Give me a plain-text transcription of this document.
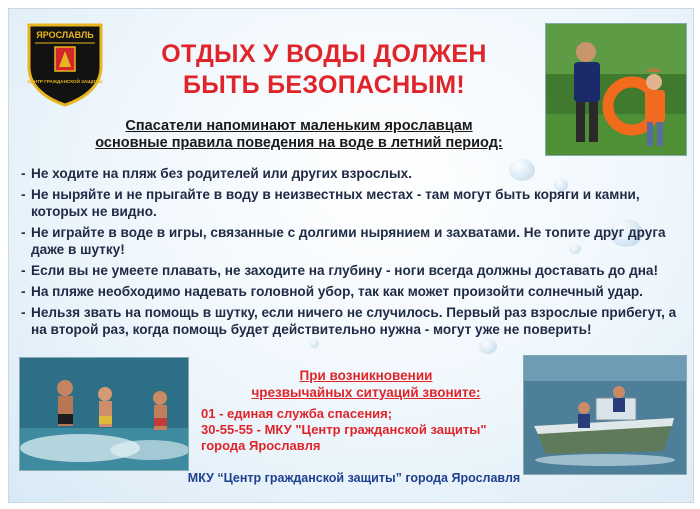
ЯРОСЛАВЛЬ
ЦЕНТР ГРАЖДАНСКОЙ ЗАЩИТЫ
ОТДЫХ У ВОДЫ ДОЛЖЕН
БЫТЬ БЕЗОПАСНЫМ!
Спасатели напоминают маленьким ярославцам
основные правила поведения на воде в летний период:
- Не ходите на пляж без родителей или других взрослых.
- Не ныряйте и не прыгайте в воду в неизвестных местах - там могут быть коряги и камни, которых не видно.
- Не играйте в воде в игры, связанные с долгими нырянием и захватами. Не топите друг друга даже в шутку!
- Если вы не умеете плавать, не заходите на глубину - ноги всегда должны доставать до дна!
- На пляже необходимо надевать головной убор, так как может произойти солнечный удар.
- Нельзя звать на помощь в шутку, если ничего не случилось. Первый раз взрослые прибегут, а на второй раз, когда помощь будет действительно нужна - могут уже не поверить!
При возникновении
чрезвычайных ситуаций звоните:
01 - единая служба спасения;
30-55-55 - МКУ "Центр гражданской защиты"
города Ярославля
МКУ “Центр гражданской защиты” города Ярославля
